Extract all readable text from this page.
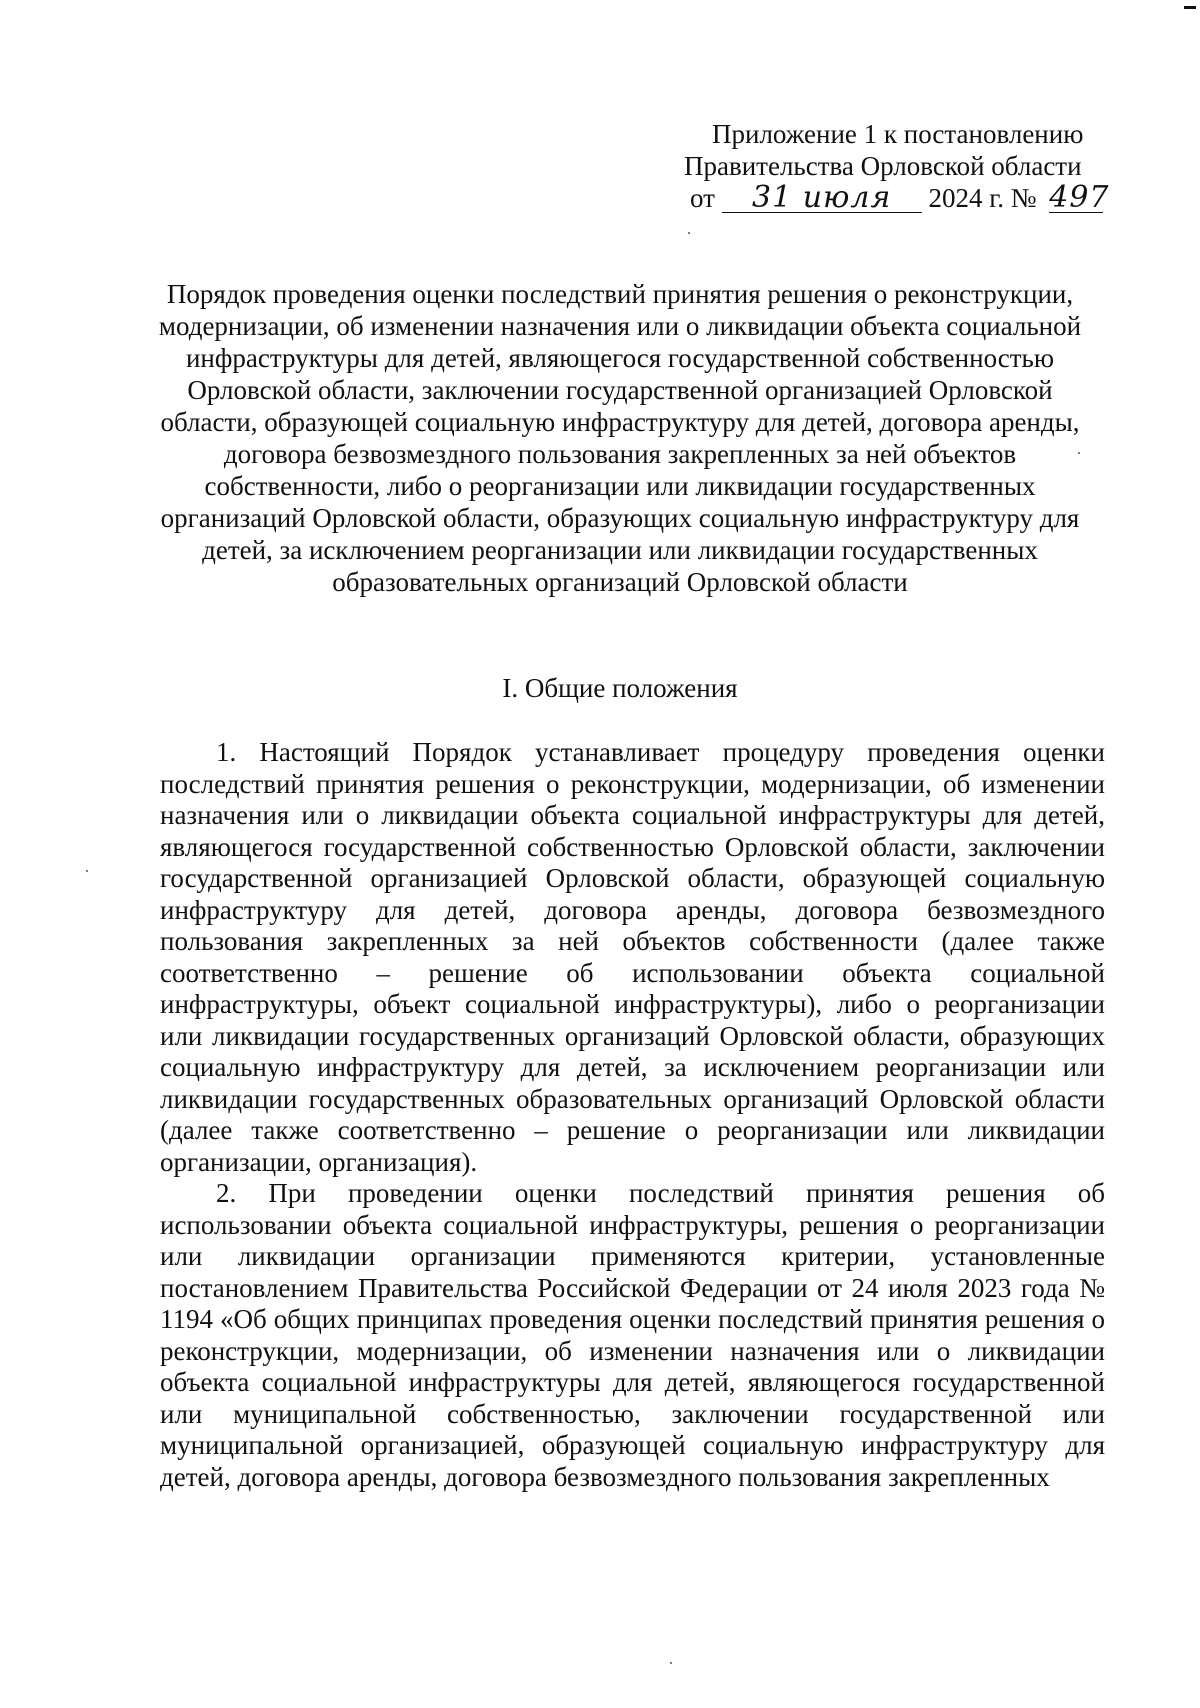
Приложение 1 к постановлению
Правительства Орловской области
от 31 июля 2024 г. № 497
Порядок проведения оценки последствий принятия решения о реконструкции, модернизации, об изменении назначения или о ликвидации объекта социальной инфраструктуры для детей, являющегося государственной собственностью Орловской области, заключении государственной организацией Орловской области, образующей социальную инфраструктуру для детей, договора аренды, договора безвозмездного пользования закрепленных за ней объектов собственности, либо о реорганизации или ликвидации государственных организаций Орловской области, образующих социальную инфраструктуру для детей, за исключением реорганизации или ликвидации государственных образовательных организаций Орловской области
I. Общие положения

1. Настоящий Порядок устанавливает процедуру проведения оценки последствий принятия решения о реконструкции, модернизации, об изменении назначения или о ликвидации объекта социальной инфраструктуры для детей, являющегося государственной собственностью Орловской области, заключении государственной организацией Орловской области, образующей социальную инфраструктуру для детей, договора аренды, договора безвозмездного пользования закрепленных за ней объектов собственности (далее также соответственно – решение об использовании объекта социальной инфраструктуры, объект социальной инфраструктуры), либо о реорганизации или ликвидации государственных организаций Орловской области, образующих социальную инфраструктуру для детей, за исключением реорганизации или ликвидации государственных образовательных организаций Орловской области (далее также соответственно – решение о реорганизации или ликвидации организации, организация).

2. При проведении оценки последствий принятия решения об использовании объекта социальной инфраструктуры, решения о реорганизации или ликвидации организации применяются критерии, установленные постановлением Правительства Российской Федерации от 24 июля 2023 года № 1194 «Об общих принципах проведения оценки последствий принятия решения о реконструкции, модернизации, об изменении назначения или о ликвидации объекта социальной инфраструктуры для детей, являющегося государственной или муниципальной собственностью, заключении государственной или муниципальной организацией, образующей социальную инфраструктуру для детей, договора аренды, договора безвозмездного пользования закрепленных
